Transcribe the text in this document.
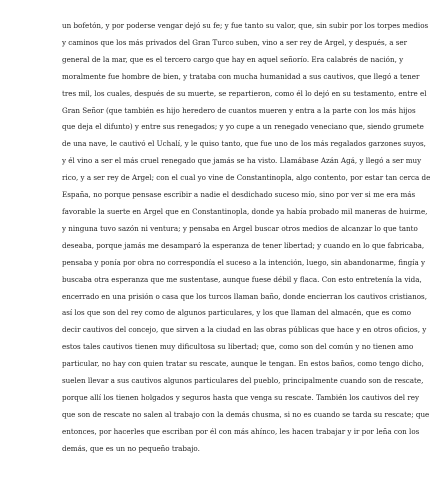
un bofetón, y por poderse vengar dejó su fe; y fue tanto su valor, que, sin subir por los torpes medios
y caminos que los más privados del Gran Turco suben, vino a ser rey de Argel, y después, a ser
general de la mar, que es el tercero cargo que hay en aquel señorío. Era calabrés de nación, y
moralmente fue hombre de bien, y trataba con mucha humanidad a sus cautivos, que llegó a tener
tres mil, los cuales, después de su muerte, se repartieron, como él lo dejó en su testamento, entre el
Gran Señor (que también es hijo heredero de cuantos mueren y entra a la parte con los más hijos
que deja el difunto) y entre sus renegados; y yo cupe a un renegado veneciano que, siendo grumete
de una nave, le cautivó el Uchalí, y le quiso tanto, que fue uno de los más regalados garzones suyos,
y él vino a ser el más cruel renegado que jamás se ha visto. Llamábase Azán Agá, y llegó a ser muy
rico, y a ser rey de Argel; con el cual yo vine de Constantinopla, algo contento, por estar tan cerca de
España, no porque pensase escribir a nadie el desdichado suceso mío, sino por ver si me era más
favorable la suerte en Argel que en Constantinopla, donde ya había probado mil maneras de huirme,
y ninguna tuvo sazón ni ventura; y pensaba en Argel buscar otros medios de alcanzar lo que tanto
deseaba, porque jamás me desamparó la esperanza de tener libertad; y cuando en lo que fabricaba,
pensaba y ponía por obra no correspondía el suceso a la intención, luego, sin abandonarme, fingía y
buscaba otra esperanza que me sustentase, aunque fuese débil y flaca. Con esto entretenía la vida,
encerrado en una prisión o casa que los turcos llaman baño, donde encierran los cautivos cristianos,
así los que son del rey como de algunos particulares, y los que llaman del almacén, que es como
decir cautivos del concejo, que sirven a la ciudad en las obras públicas que hace y en otros oficios, y
estos tales cautivos tienen muy dificultosa su libertad; que, como son del común y no tienen amo
particular, no hay con quien tratar su rescate, aunque le tengan. En estos baños, como tengo dicho,
suelen llevar a sus cautivos algunos particulares del pueblo, principalmente cuando son de rescate,
porque allí los tienen holgados y seguros hasta que venga su rescate. También los cautivos del rey
que son de rescate no salen al trabajo con la demás chusma, si no es cuando se tarda su rescate; que
entonces, por hacerles que escriban por él con más ahínco, les hacen trabajar y ir por leña con los
demás, que es un no pequeño trabajo.
